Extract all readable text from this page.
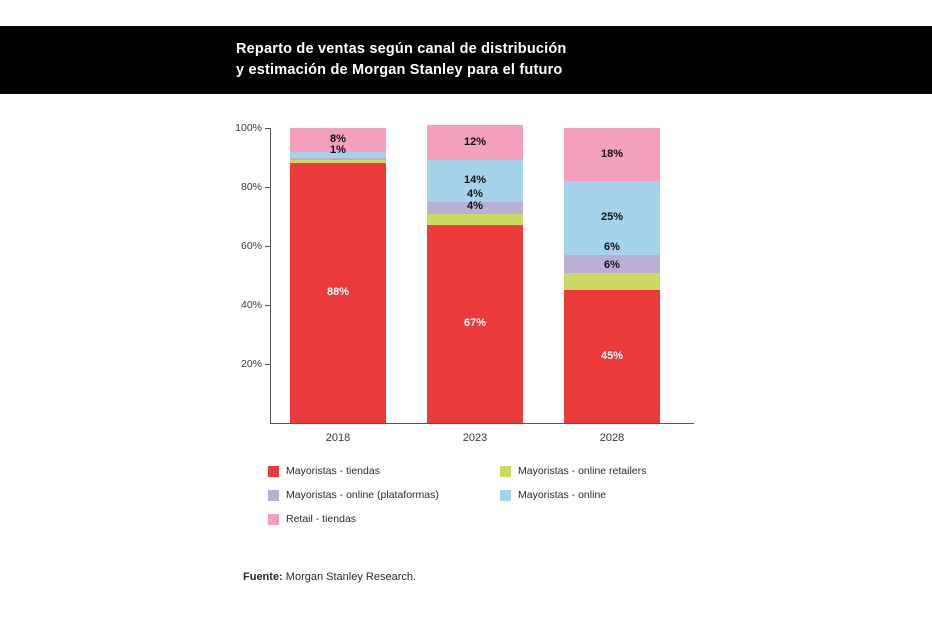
Reparto de ventas según canal de distribución
y estimación de Morgan Stanley para el futuro
20%
40%
60%
80%
100%
8%
1%
88%
12%
14%
4%
4%
67%
18%
25%
6%
6%
45%
2018	2023	2028
Mayoristas - tiendas	Mayoristas - online retailers
Mayoristas - online (plataformas)	Mayoristas - online
Retail - tiendas
Fuente: Morgan Stanley Research.
